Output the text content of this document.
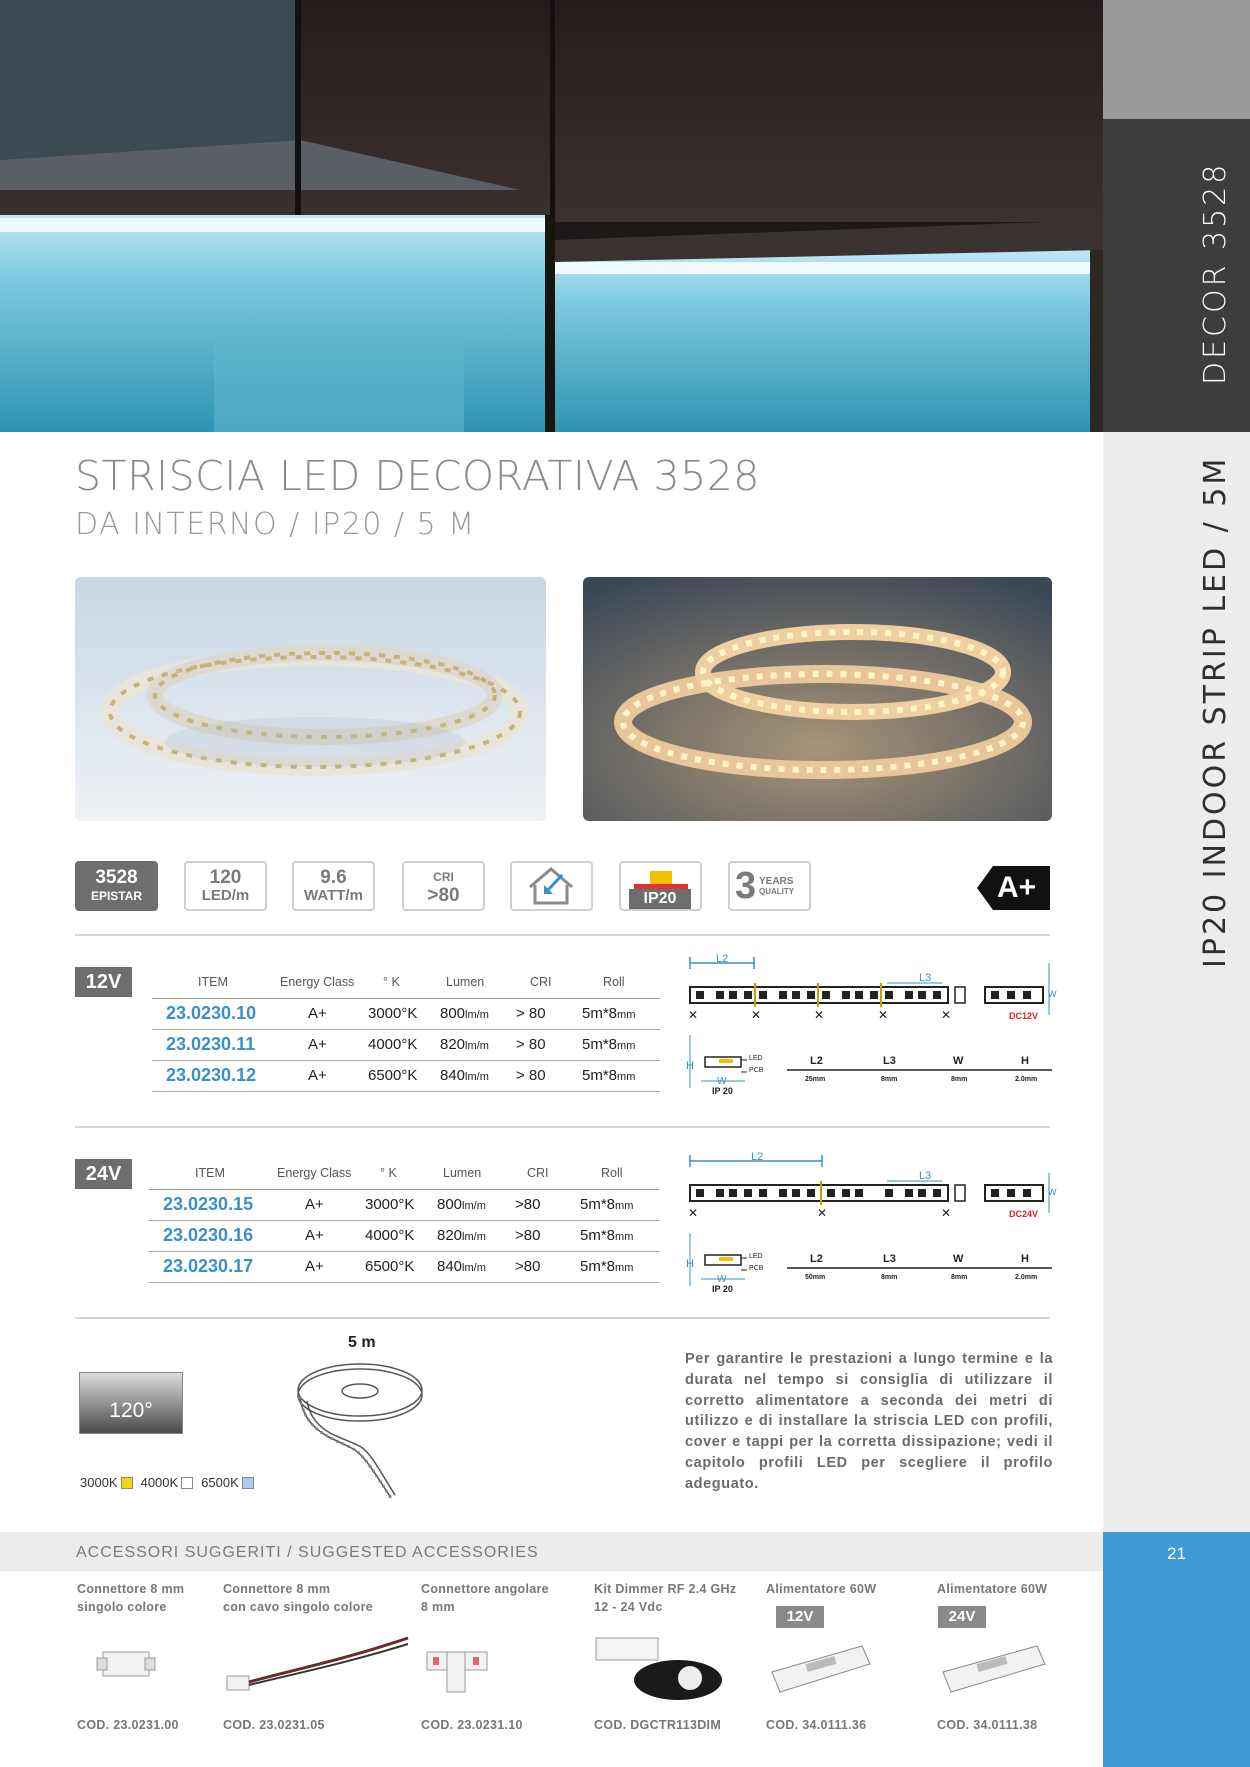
DECOR 3528
IP20 INDOOR STRIP LED / 5M
21
STRISCIA LED DECORATIVA 3528
DA INTERNO / IP20 / 5 M
3528
EPISTAR
120
LED/m
9.6
WATT/m
CRI
>80	IP20	3 YEARS
QUALITY	A+
12V	ITEM	Energy Class ° K	Lumen	CRI	Roll
23.0230.10	A+	3000°K 800lm/m > 80 5m*8mm
23.0230.11	A+	4000°K 820lm/m > 80 5m*8mm
23.0230.12	A+	6500°K 840lm/m > 80 5m*8mm
✕	✕	✕	✕	✕
L2
L3
W
DC12V
H
LED
PCB
W
IP 20
L2	L3	W	H
25mm	8mm	8mm	2.0mm
24V	ITEM	Energy Class ° K	Lumen	CRI	Roll
23.0230.15	A+	3000°K 800lm/m >80	5m*8mm
23.0230.16	A+	4000°K 820lm/m >80	5m*8mm
23.0230.17	A+	6500°K 840lm/m >80	5m*8mm
✕	✕	✕
L2
L3
W
DC24V
H
LED
PCB
W
IP 20
L2	L3	W	H
50mm	8mm	8mm	2.0mm
120°
3000K 4000K 6500K
5 m
Per garantire le prestazioni a lungo termine e la durata nel tempo si consiglia di utilizzare il corretto alimentatore a seconda dei metri di utilizzo e di installare la striscia LED con profili, cover e tappi per la corretta dissipazione; vedi il capitolo profili LED per scegliere il profilo adeguato.
ACCESSORI SUGGERITI / SUGGESTED ACCESSORIES
Connettore 8 mm
singolo colore
COD. 23.0231.00
Connettore 8 mm
con cavo singolo colore
COD. 23.0231.05
Connettore angolare
8 mm
COD. 23.0231.10
Kit Dimmer RF 2.4 GHz
12 - 24 Vdc
COD. DGCTR113DIM
Alimentatore 60W
12V
COD. 34.0111.36
Alimentatore 60W
24V
COD. 34.0111.38
